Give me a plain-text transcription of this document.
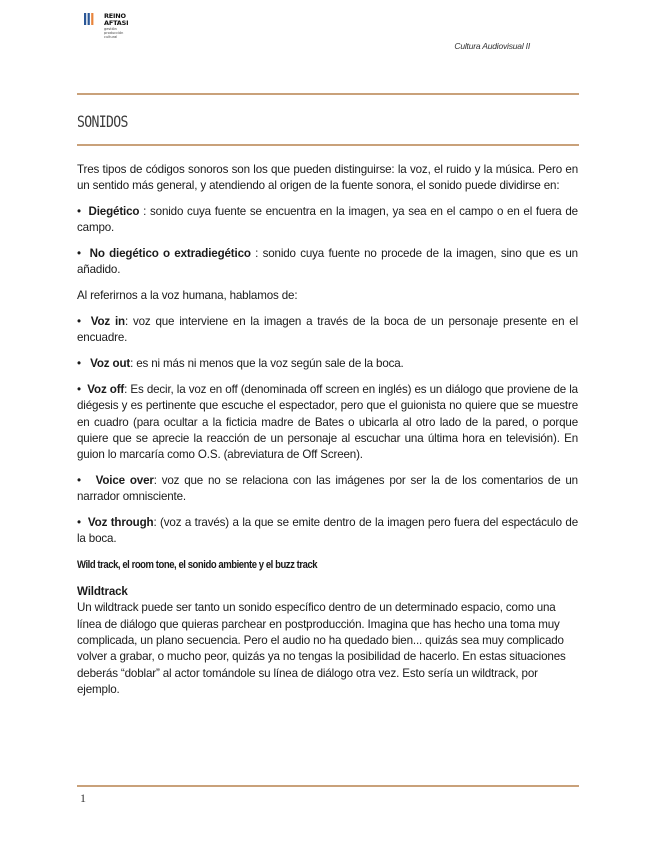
REINO
AFTASI
gestión
producción
cultural
Cultura Audiovisual II
SONIDOS

Tres tipos de códigos sonoros son los que pueden distinguirse: la voz, el ruido y la música. Pero en un sentido más general, y atendiendo al origen de la fuente sonora, el sonido puede dividirse en:

• Diegético : sonido cuya fuente se encuentra en la imagen, ya sea en el campo o en el fuera de campo.

• No diegético o extradiegético : sonido cuya fuente no procede de la imagen, sino que es un añadido.

Al referirnos a la voz humana, hablamos de:

• Voz in: voz que interviene en la imagen a través de la boca de un personaje presente en el encuadre.

• Voz out: es ni más ni menos que la voz según sale de la boca.

• Voz off: Es decir, la voz en off (denominada off screen en inglés) es un diálogo que proviene de la diégesis y es pertinente que escuche el espectador, pero que el guionista no quiere que se muestre en cuadro (para ocultar a la ficticia madre de Bates o ubicarla al otro lado de la pared, o porque quiere que se aprecie la reacción de un personaje al escuchar una última hora en televisión). En guion lo marcaría como O.S. (abreviatura de Off Screen).

• Voice over: voz que no se relaciona con las imágenes por ser la de los comentarios de un narrador omnisciente.

• Voz through: (voz a través) a la que se emite dentro de la imagen pero fuera del espectáculo de la boca.

Wild track, el room tone, el sonido ambiente y el buzz track
Wildtrack

Un wildtrack puede ser tanto un sonido específico dentro de un determinado espacio, como una línea de diálogo que quieras parchear en postproducción. Imagina que has hecho una toma muy complicada, un plano secuencia. Pero el audio no ha quedado bien... quizás sea muy complicado volver a grabar, o mucho peor, quizás ya no tengas la posibilidad de hacerlo. En estas situaciones deberás “doblar” al actor tomándole su línea de diálogo otra vez. Esto sería un wildtrack, por ejemplo.

1
